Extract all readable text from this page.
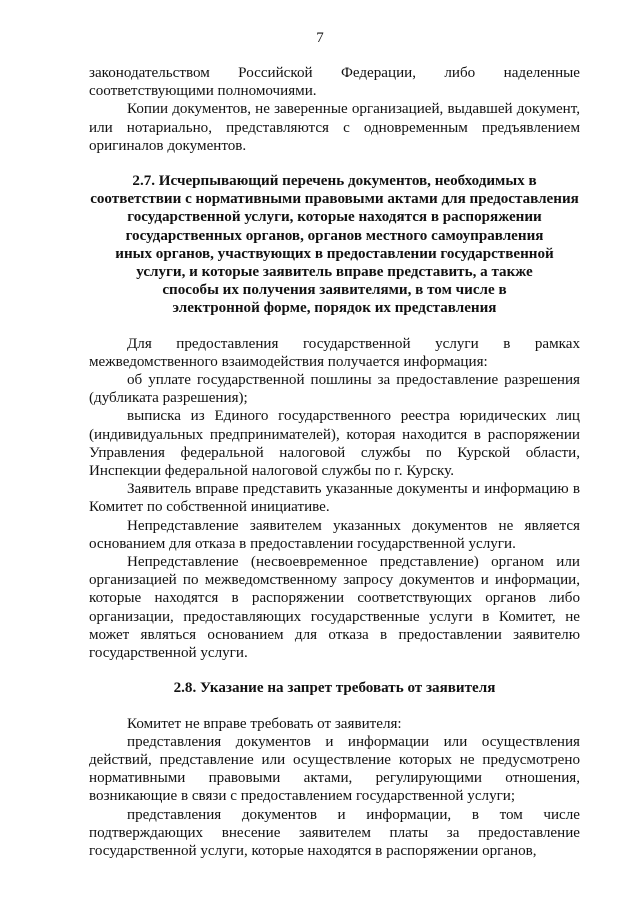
7

законодательством Российской Федерации, либо наделенные соответствующими полномочиями.

Копии документов, не заверенные организацией, выдавшей документ, или нотариально, представляются с одновременным предъявлением оригиналов документов.

2.7. Исчерпывающий перечень документов, необходимых в
соответствии с нормативными правовыми актами для предоставления
государственной услуги, которые находятся в распоряжении
государственных органов, органов местного самоуправления
иных органов, участвующих в предоставлении государственной
услуги, и которые заявитель вправе представить, а также
способы их получения заявителями, в том числе в
электронной форме, порядок их представления

Для предоставления государственной услуги в рамках межведомственного взаимодействия получается информация:

об уплате государственной пошлины за предоставление разрешения (дубликата разрешения);

выписка из Единого государственного реестра юридических лиц (индивидуальных предпринимателей), которая находится в распоряжении Управления федеральной налоговой службы по Курской области, Инспекции федеральной налоговой службы по г. Курску.

Заявитель вправе представить указанные документы и информацию в Комитет по собственной инициативе.

Непредставление заявителем указанных документов не является основанием для отказа в предоставлении государственной услуги.

Непредставление (несвоевременное представление) органом или организацией по межведомственному запросу документов и информации, которые находятся в распоряжении соответствующих органов либо организации, предоставляющих государственные услуги в Комитет, не может являться основанием для отказа в предоставлении заявителю государственной услуги.

2.8. Указание на запрет требовать от заявителя

Комитет не вправе требовать от заявителя:

представления документов и информации или осуществления действий, представление или осуществление которых не предусмотрено нормативными правовыми актами, регулирующими отношения, возникающие в связи с предоставлением государственной услуги;

представления документов и информации, в том числе подтверждающих внесение заявителем платы за предоставление государственной услуги, которые находятся в распоряжении органов,
